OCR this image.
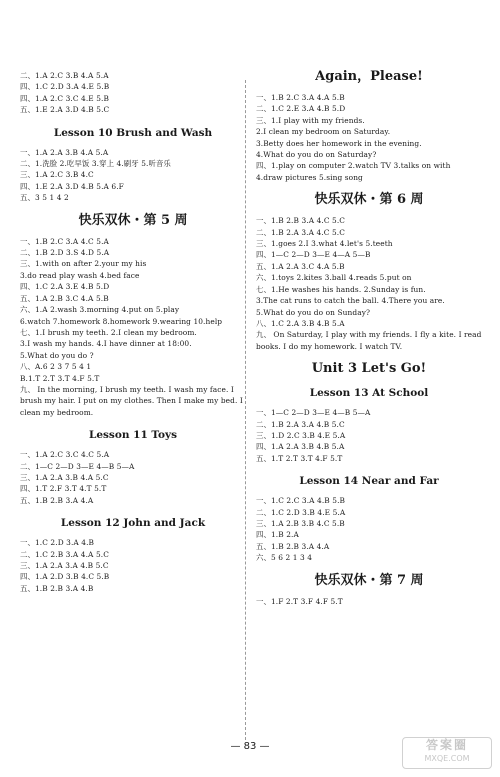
二、1.A 2.C 3.B 4.A 5.A
四、1.C 2.D 3.A 4.E 5.B
四、1.A 2.C 3.C 4.E 5.B
五、1.E 2.A 3.D 4.B 5.C
Lesson 10 Brush and Wash
一、1.A 2.A 3.B 4.A 5.A
二、1.洗脸 2.吃早饭 3.穿上 4.刷牙 5.听音乐
三、1.A 2.C 3.B 4.C
四、1.E 2.A 3.D 4.B 5.A 6.F
五、3 5 1 4 2
快乐双休・第 5 周
一、1.B 2.C 3.A 4.C 5.A
二、1.B 2.D 3.S 4.D 5.A
三、1.with on after 2.your my his
3.do read play wash 4.bed face
四、1.C 2.A 3.E 4.B 5.D
五、1.A 2.B 3.C 4.A 5.B
六、1.A 2.wash 3.morning 4.put on 5.play
6.watch 7.homework 8.homework 9.wearing 10.help
七、1.I brush my teeth. 2.I clean my bedroom.
3.I wash my hands. 4.I have dinner at 18:00.
5.What do you do ?
八、A.6 2 3 7 5 4 1
B.1.T 2.T 3.T 4.F 5.T
九、 In the morning, I brush my teeth. I wash my face. I brush my hair. I put on my clothes. Then I make my bed. I clean my bedroom.
Lesson 11 Toys
一、1.A 2.C 3.C 4.C 5.A
二、1—C 2—D 3—E 4—B 5—A
三、1.A 2.A 3.B 4.A 5.C
四、1.T 2.F 3.T 4.T 5.T
五、1.B 2.B 3.A 4.A
Lesson 12 John and Jack
一、1.C 2.D 3.A 4.B
二、1.C 2.B 3.A 4.A 5.C
三、1.A 2.A 3.A 4.B 5.C
四、1.A 2.D 3.B 4.C 5.B
五、1.B 2.B 3.A 4.B
Again，Please!
一、1.B 2.C 3.A 4.A 5.B
二、1.C 2.E 3.A 4.B 5.D
三、1.I play with my friends.
2.I clean my bedroom on Saturday.
3.Betty does her homework in the evening.
4.What do you do on Saturday?
四、1.play on computer 2.watch TV 3.talks on with
4.draw pictures 5.sing song
快乐双休・第 6 周
一、1.B 2.B 3.A 4.C 5.C
二、1.B 2.A 3.A 4.C 5.C
三、1.goes 2.I 3.what 4.let's 5.teeth
四、1—C 2—D 3—E 4—A 5—B
五、1.A 2.A 3.C 4.A 5.B
六、1.toys 2.kites 3.ball 4.reads 5.put on
七、1.He washes his hands. 2.Sunday is fun.
3.The cat runs to catch the ball. 4.There you are.
5.What do you do on Sunday?
八、1.C 2.A 3.B 4.B 5.A
九、 On Saturday, I play with my friends. I fly a kite. I read books. I do my homework. I watch TV.
Unit 3 Let's Go!
Lesson 13 At School
一、1—C 2—D 3—E 4—B 5—A
二、1.B 2.A 3.A 4.B 5.C
三、1.D 2.C 3.B 4.E 5.A
四、1.A 2.A 3.B 4.B 5.A
五、1.T 2.T 3.T 4.F 5.T
Lesson 14 Near and Far
一、1.C 2.C 3.A 4.B 5.B
二、1.C 2.D 3.B 4.E 5.A
三、1.A 2.B 3.B 4.C 5.B
四、1.B 2.A
五、1.B 2.B 3.A 4.A
六、5 6 2 1 3 4
快乐双休・第 7 周
一、1.F 2.T 3.F 4.F 5.T
— 83 —	答案圈
MXQE.COM
